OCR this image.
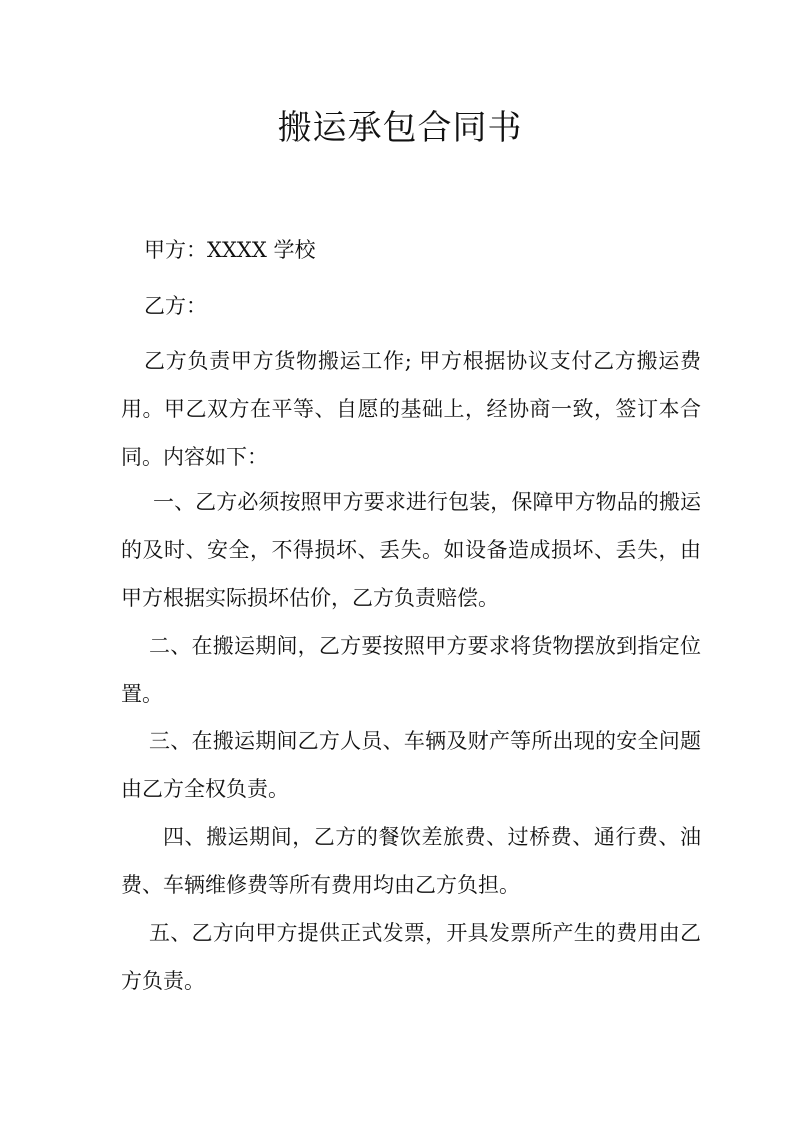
搬运承包合同书

甲方：XXXX 学校

乙方：

乙方负责甲方货物搬运工作; 甲方根据协议支付乙方搬运费用。甲乙双方在平等、自愿的基础上，经协商一致，签订本合同。内容如下：

一、乙方必须按照甲方要求进行包装，保障甲方物品的搬运的及时、安全，不得损坏、丢失。如设备造成损坏、丢失，由甲方根据实际损坏估价，乙方负责赔偿。

二、在搬运期间，乙方要按照甲方要求将货物摆放到指定位置。

三、在搬运期间乙方人员、车辆及财产等所出现的安全问题由乙方全权负责。

四、搬运期间，乙方的餐饮差旅费、过桥费、通行费、油费、车辆维修费等所有费用均由乙方负担。

五、乙方向甲方提供正式发票，开具发票所产生的费用由乙方负责。
